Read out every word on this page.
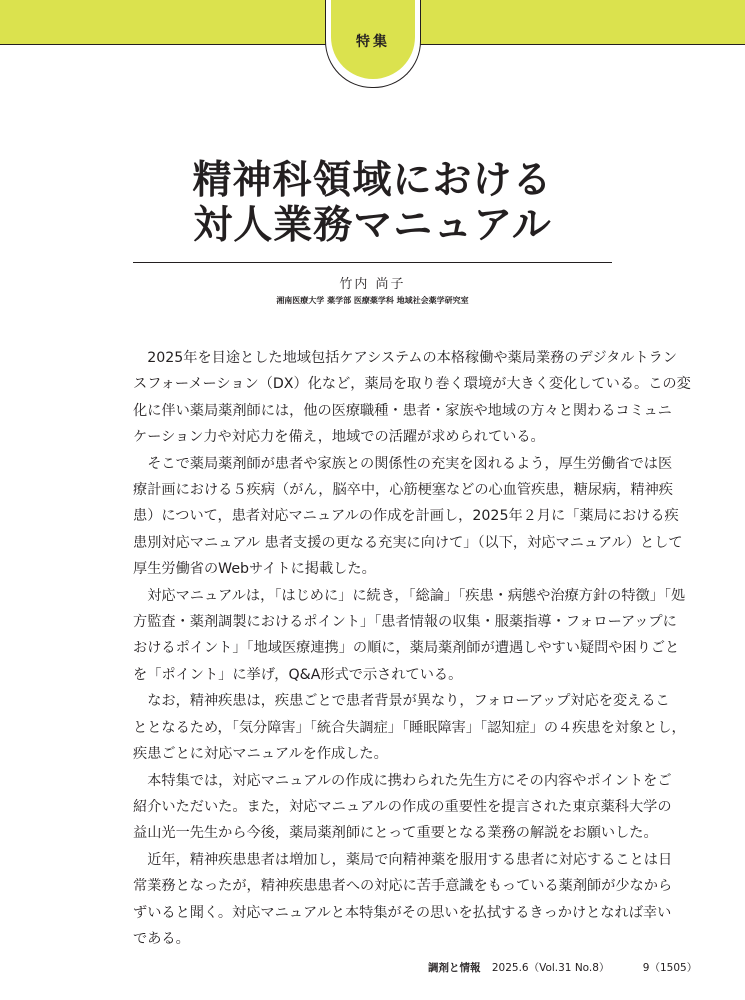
特集
精神科領域における
対人業務マニュアル
竹内 尚子
湘南医療大学 薬学部 医療薬学科 地域社会薬学研究室
　2025年を目途とした地域包括ケアシステムの本格稼働や薬局業務のデジタルトラン
スフォーメーション（DX）化など，薬局を取り巻く環境が大きく変化している。この変
化に伴い薬局薬剤師には，他の医療職種・患者・家族や地域の方々と関わるコミュニ
ケーション力や対応力を備え，地域での活躍が求められている。
　そこで薬局薬剤師が患者や家族との関係性の充実を図れるよう，厚生労働省では医
療計画における５疾病（がん，脳卒中，心筋梗塞などの心血管疾患，糖尿病，精神疾
患）について，患者対応マニュアルの作成を計画し，2025年２月に「薬局における疾
患別対応マニュアル 患者支援の更なる充実に向けて」（以下，対応マニュアル）として
厚生労働省のWebサイトに掲載した。
　対応マニュアルは，「はじめに」に続き，「総論」「疾患・病態や治療方針の特徴」「処
方監査・薬剤調製におけるポイント」「患者情報の収集・服薬指導・フォローアップに
おけるポイント」「地域医療連携」の順に，薬局薬剤師が遭遇しやすい疑問や困りごと
を「ポイント」に挙げ，Q&A形式で示されている。
　なお，精神疾患は，疾患ごとで患者背景が異なり，フォローアップ対応を変えるこ
ととなるため，「気分障害」「統合失調症」「睡眠障害」「認知症」の４疾患を対象とし，
疾患ごとに対応マニュアルを作成した。
　本特集では，対応マニュアルの作成に携わられた先生方にその内容やポイントをご
紹介いただいた。また，対応マニュアルの作成の重要性を提言された東京薬科大学の
益山光一先生から今後，薬局薬剤師にとって重要となる業務の解説をお願いした。
　近年，精神疾患患者は増加し，薬局で向精神薬を服用する患者に対応することは日
常業務となったが，精神疾患患者への対応に苦手意識をもっている薬剤師が少なから
ずいると聞く。対応マニュアルと本特集がその思いを払拭するきっかけとなれば幸い
である。
調剤と情報 2025.6（Vol.31 No.8）	9（1505）
